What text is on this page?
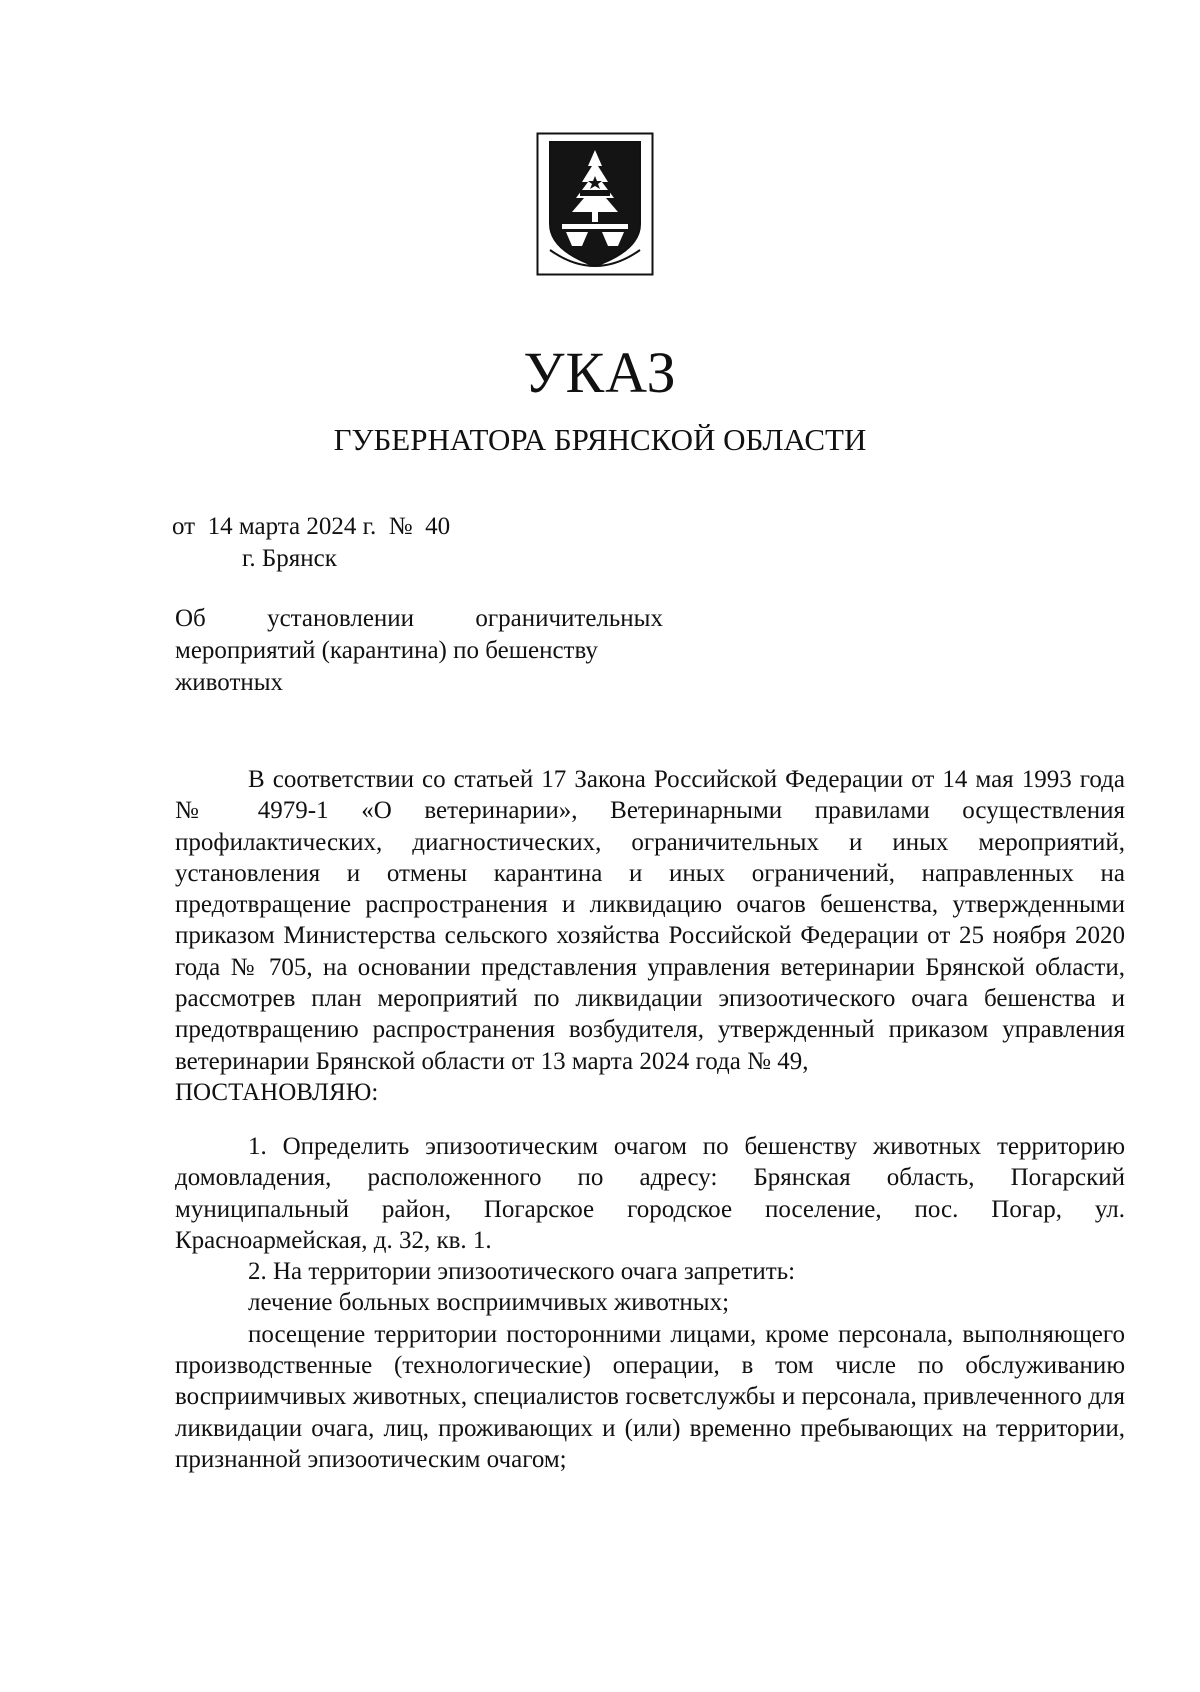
УКАЗ
ГУБЕРНАТОРА БРЯНСКОЙ ОБЛАСТИ
от  14 марта 2024 г.  №  40
г. Брянск
Об установлении ограничительных
мероприятий (карантина) по бешенству
животных

В соответствии со статьей 17 Закона Российской Федерации от 14 мая 1993 года № 4979-1 «О ветеринарии», Ветеринарными правилами осуществления профилактических, диагностических, ограничительных и иных мероприятий, установления и отмены карантина и иных ограничений, направленных на предотвращение распространения и ликвидацию очагов бешенства, утвержденными приказом Министерства сельского хозяйства Российской Федерации от 25 ноября 2020 года № 705, на основании представления управления ветеринарии Брянской области, рассмотрев план мероприятий по ликвидации эпизоотического очага бешенства и предотвращению распространения возбудителя, утвержденный приказом управления ветеринарии Брянской области от 13 марта 2024 года № 49,

ПОСТАНОВЛЯЮ:

1. Определить эпизоотическим очагом по бешенству животных территорию домовладения, расположенного по адресу: Брянская область, Погарский муниципальный район, Погарское городское поселение, пос. Погар, ул. Красноармейская, д. 32, кв. 1.

2. На территории эпизоотического очага запретить:

лечение больных восприимчивых животных;

посещение территории посторонними лицами, кроме персонала, выполняющего производственные (технологические) операции, в том числе по обслуживанию восприимчивых животных, специалистов госветслужбы и персонала, привлеченного для ликвидации очага, лиц, проживающих и (или) временно пребывающих на территории, признанной эпизоотическим очагом;
